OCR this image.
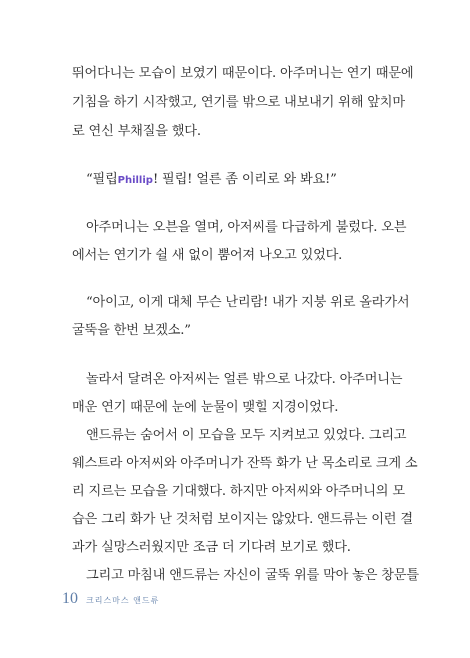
뛰어다니는 모습이 보였기 때문이다. 아주머니는 연기 때문에
기침을 하기 시작했고, 연기를 밖으로 내보내기 위해 앞치마
로 연신 부채질을 했다.
“필립Phillip! 필립! 얼른 좀 이리로 와 봐요!”
아주머니는 오븐을 열며, 아저씨를 다급하게 불렀다. 오븐
에서는 연기가 쉴 새 없이 뿜어져 나오고 있었다.
“아이고, 이게 대체 무슨 난리람! 내가 지붕 위로 올라가서
굴뚝을 한번 보겠소.”
놀라서 달려온 아저씨는 얼른 밖으로 나갔다. 아주머니는
매운 연기 때문에 눈에 눈물이 맺힐 지경이었다.
앤드류는 숨어서 이 모습을 모두 지켜보고 있었다. 그리고
웨스트라 아저씨와 아주머니가 잔뜩 화가 난 목소리로 크게 소
리 지르는 모습을 기대했다. 하지만 아저씨와 아주머니의 모
습은 그리 화가 난 것처럼 보이지는 않았다. 앤드류는 이런 결
과가 실망스러웠지만 조금 더 기다려 보기로 했다.
그리고 마침내 앤드류는 자신이 굴뚝 위를 막아 놓은 창문틀
10 크리스마스 앤드류
